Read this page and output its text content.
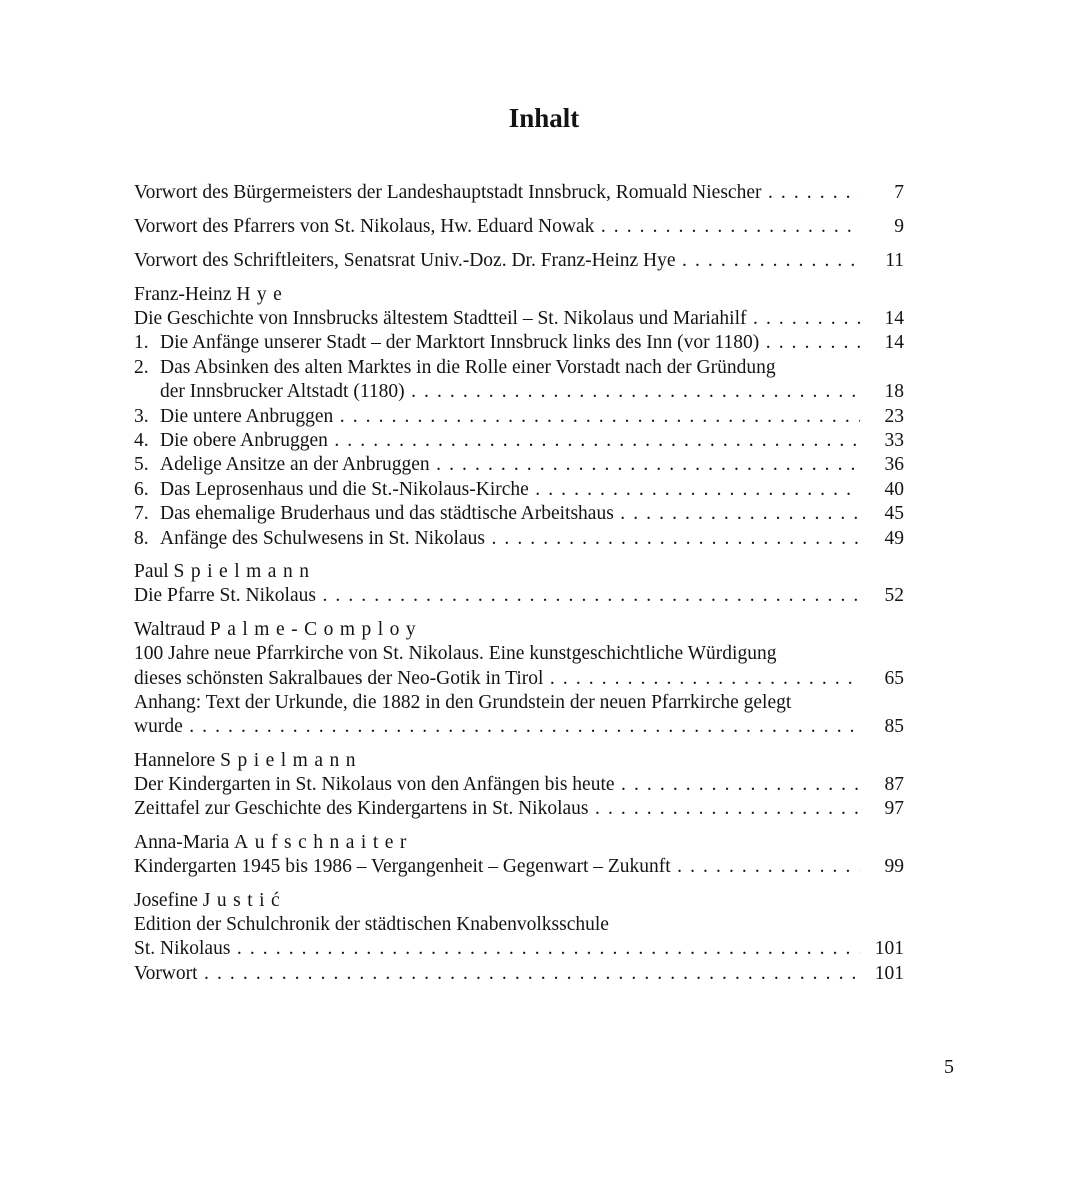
Inhalt
Vorwort des Bürgermeisters der Landeshauptstadt Innsbruck, Romuald Niescher . . .	7
Vorwort des Pfarrers von St. Nikolaus, Hw. Eduard Nowak . . .	9
Vorwort des Schriftleiters, Senatsrat Univ.-Doz. Dr. Franz-Heinz Hye . . .	11
Franz-Heinz Hye
Die Geschichte von Innsbrucks ältestem Stadtteil – St. Nikolaus und Mariahilf . . .	14
1. Die Anfänge unserer Stadt – der Marktort Innsbruck links des Inn (vor 1180) . . .	14
2. Das Absinken des alten Marktes in die Rolle einer Vorstadt nach der Gründung
der Innsbrucker Altstadt (1180) . . .	18
3. Die untere Anbruggen . . .	23
4. Die obere Anbruggen . . .	33
5. Adelige Ansitze an der Anbruggen . . .	36
6. Das Leprosenhaus und die St.-Nikolaus-Kirche . . .	40
7. Das ehemalige Bruderhaus und das städtische Arbeitshaus . . .	45
8. Anfänge des Schulwesens in St. Nikolaus . . .	49
Paul Spielmann
Die Pfarre St. Nikolaus . . .	52
Waltraud Palme-Comploy
100 Jahre neue Pfarrkirche von St. Nikolaus. Eine kunstgeschichtliche Würdigung
dieses schönsten Sakralbaues der Neo-Gotik in Tirol . . .	65
Anhang: Text der Urkunde, die 1882 in den Grundstein der neuen Pfarrkirche gelegt
wurde . . .	85
Hannelore Spielmann
Der Kindergarten in St. Nikolaus von den Anfängen bis heute . . .	87
Zeittafel zur Geschichte des Kindergartens in St. Nikolaus . . .	97
Anna-Maria Aufschnaiter
Kindergarten 1945 bis 1986 – Vergangenheit – Gegenwart – Zukunft . . .	99
Josefine Justić
Edition der Schulchronik der städtischen Knabenvolksschule
St. Nikolaus . . .	101
Vorwort . . .	101
5
